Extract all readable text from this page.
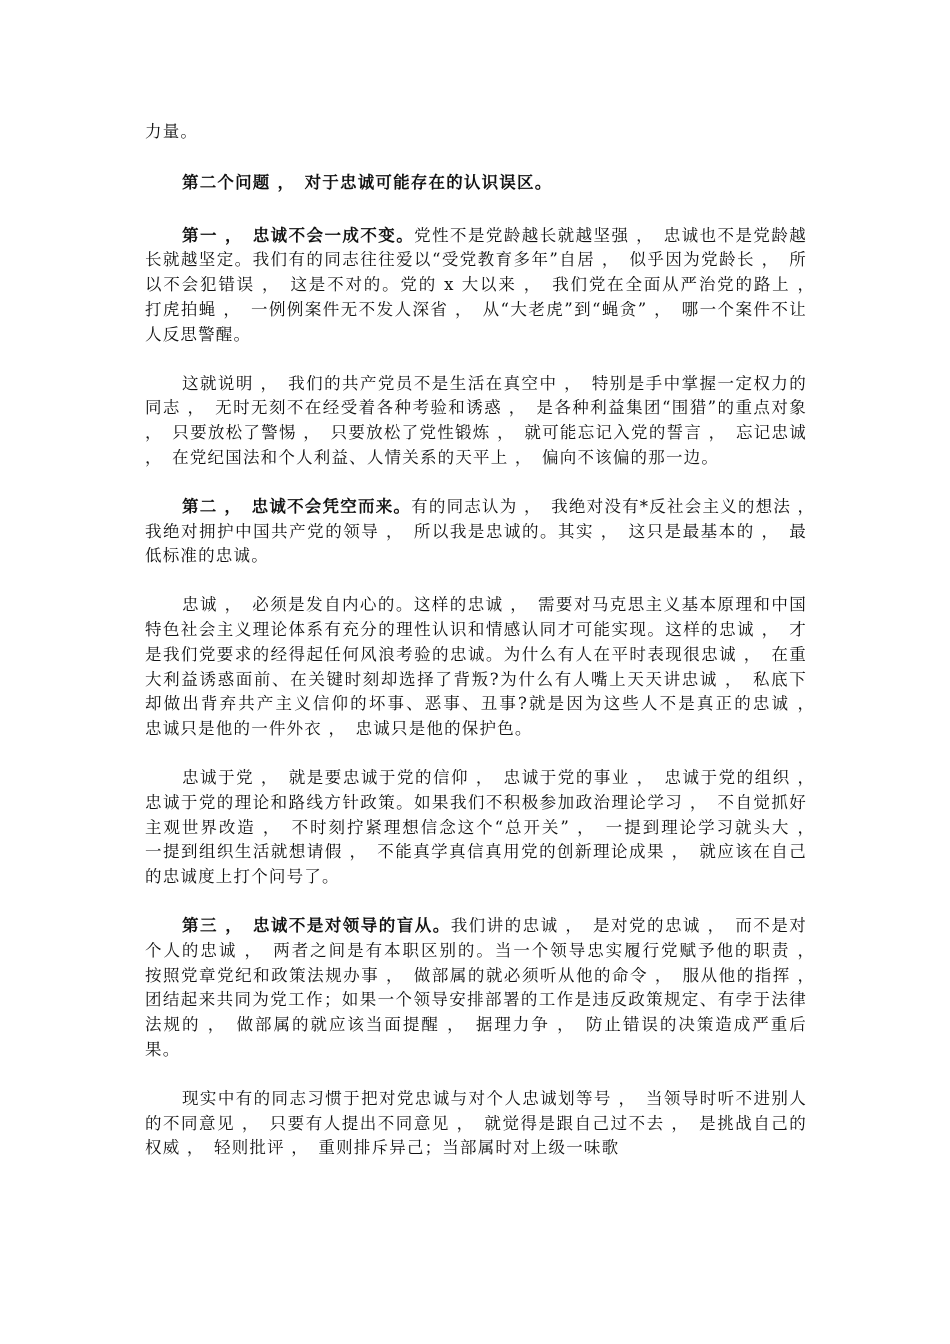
力量。

第二个问题 ，　对于忠诚可能存在的认识误区。

第一 ，　忠诚不会一成不变。党性不是党龄越长就越坚强 ，　忠诚也不是党龄越长就越坚定。我们有的同志往往爱以“受党教育多年”自居 ，　似乎因为党龄长 ，　所以不会犯错误 ，　这是不对的。党的 x 大以来 ，　我们党在全面从严治党的路上 ，　打虎拍蝇 ，　一例例案件无不发人深省 ，　从“大老虎”到“蝇贪” ，　哪一个案件不让人反思警醒。

这就说明 ，　我们的共产党员不是生活在真空中 ，　特别是手中掌握一定权力的同志 ，　无时无刻不在经受着各种考验和诱惑 ，　是各种利益集团“围猎”的重点对象 ，　只要放松了警惕 ，　只要放松了党性锻炼 ，　就可能忘记入党的誓言 ，　忘记忠诚 ，　在党纪国法和个人利益、人情关系的天平上 ，　偏向不该偏的那一边。

第二 ，　忠诚不会凭空而来。有的同志认为 ，　我绝对没有*反社会主义的想法 ，　我绝对拥护中国共产党的领导 ，　所以我是忠诚的。其实 ，　这只是最基本的 ，　最低标准的忠诚。

忠诚 ，　必须是发自内心的。这样的忠诚 ，　需要对马克思主义基本原理和中国特色社会主义理论体系有充分的理性认识和情感认同才可能实现。这样的忠诚 ，　才是我们党要求的经得起任何风浪考验的忠诚。为什么有人在平时表现很忠诚 ，　在重大利益诱惑面前、在关键时刻却选择了背叛?为什么有人嘴上天天讲忠诚 ，　私底下却做出背弃共产主义信仰的坏事、恶事、丑事?就是因为这些人不是真正的忠诚 ，　忠诚只是他的一件外衣 ，　忠诚只是他的保护色。

忠诚于党 ，　就是要忠诚于党的信仰 ，　忠诚于党的事业 ，　忠诚于党的组织 ，　忠诚于党的理论和路线方针政策。如果我们不积极参加政治理论学习 ，　不自觉抓好主观世界改造 ，　不时刻拧紧理想信念这个“总开关” ，　一提到理论学习就头大 ，　一提到组织生活就想请假 ，　不能真学真信真用党的创新理论成果 ，　就应该在自己的忠诚度上打个问号了。

第三 ，　忠诚不是对领导的盲从。我们讲的忠诚 ，　是对党的忠诚 ，　而不是对个人的忠诚 ，　两者之间是有本职区别的。当一个领导忠实履行党赋予他的职责 ，　按照党章党纪和政策法规办事 ，　做部属的就必须听从他的命令 ，　服从他的指挥 ，　团结起来共同为党工作；如果一个领导安排部署的工作是违反政策规定、有孛于法律法规的 ，　做部属的就应该当面提醒 ，　据理力争 ，　防止错误的决策造成严重后果。

现实中有的同志习惯于把对党忠诚与对个人忠诚划等号 ，　当领导时听不进别人的不同意见 ，　只要有人提出不同意见 ，　就觉得是跟自己过不去 ，　是挑战自己的权威 ，　轻则批评 ，　重则排斥异己；当部属时对上级一味歌
